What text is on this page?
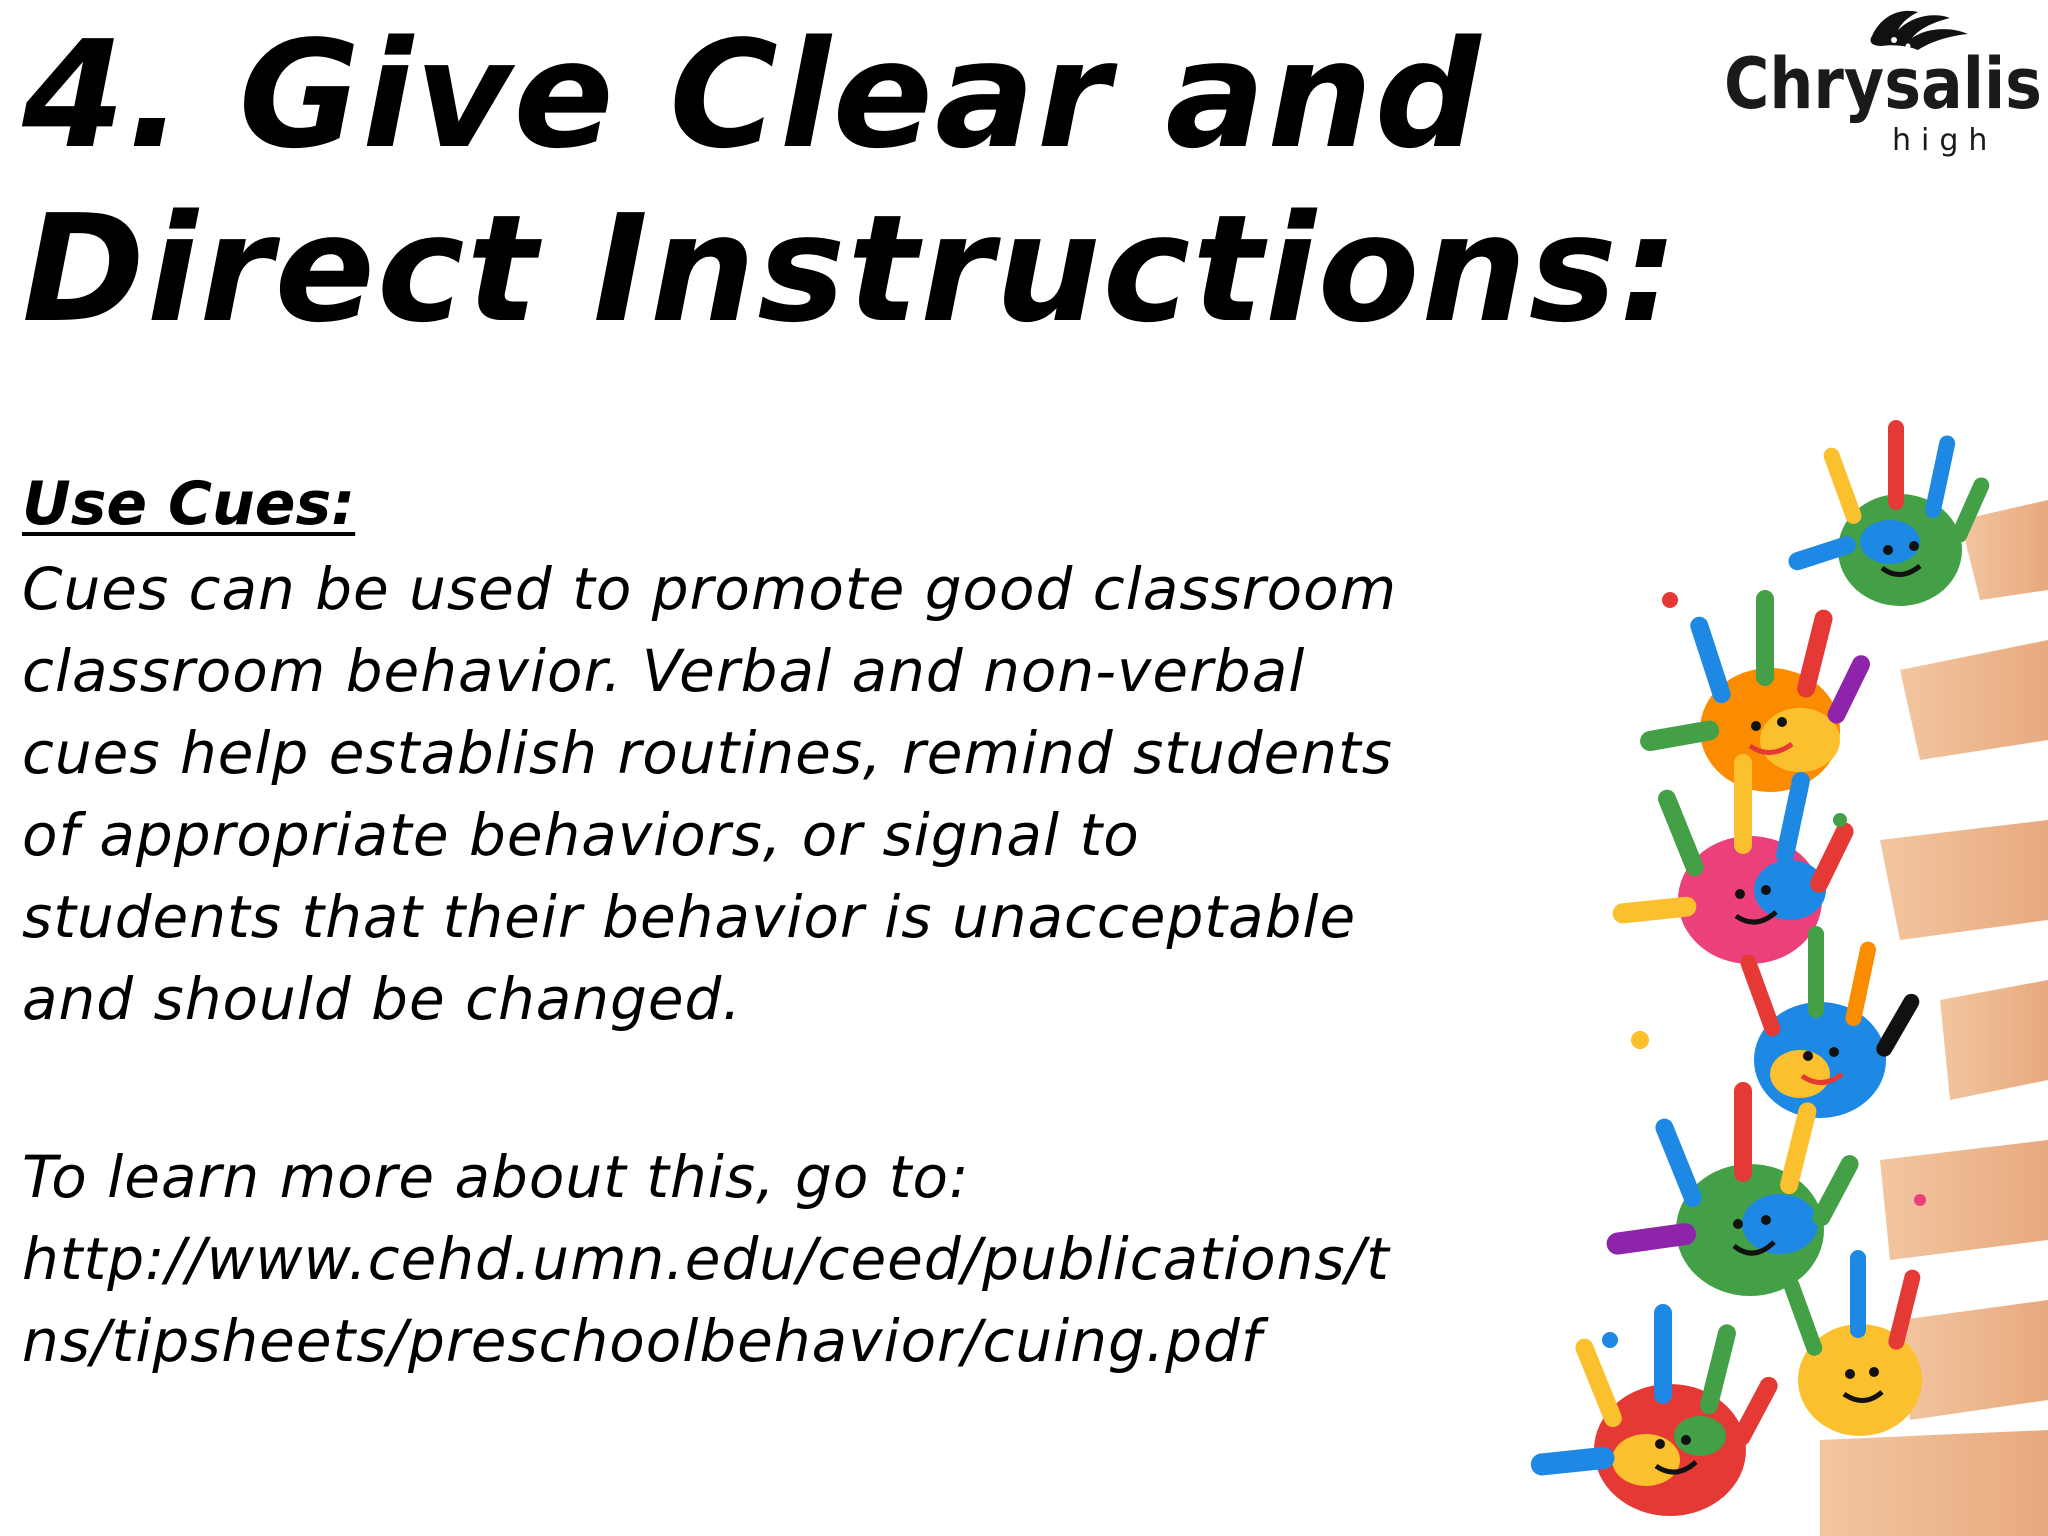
4. Give Clear and
Direct Instructions:
Chrysalis
high
Use Cues:

Cues can be used to promote good classroom
classroom behavior. Verbal and non-verbal
cues help establish routines, remind students
of appropriate behaviors, or signal to
students that their behavior is unacceptable
and should be changed.

To learn more about this, go to:

http://www.cehd.umn.edu/ceed/publications/t
ns/tipsheets/preschoolbehavior/cuing.pdf
